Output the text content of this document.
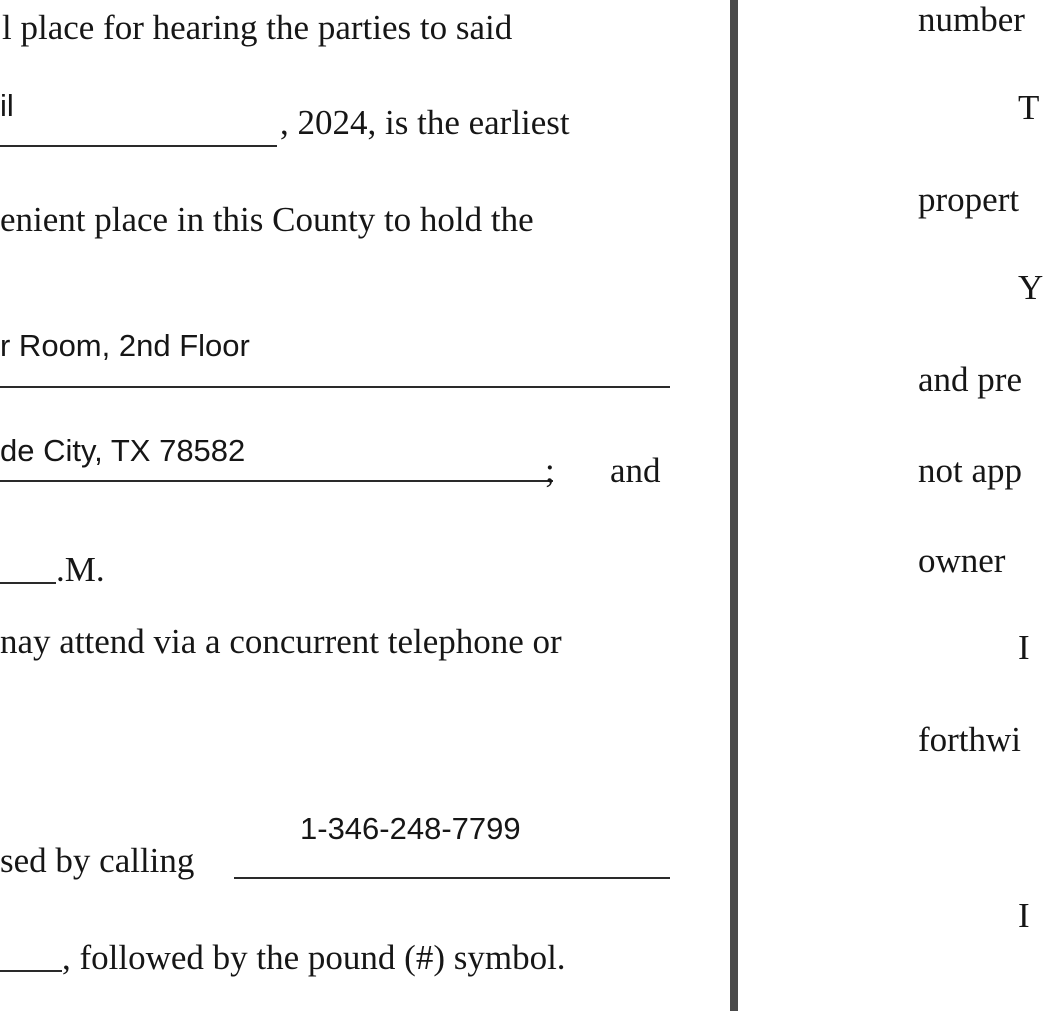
l place for hearing the parties to said
il	, 2024, is the earliest
enient place in this County to hold the
r Room, 2nd Floor
de City, TX 78582
; and
.M.
nay attend via a concurrent telephone or
1-346-248-7799
sed by calling
, followed by the pound (#) symbol.
number
T
propert
Y
and pre
not app
owner
I
forthwi
I
